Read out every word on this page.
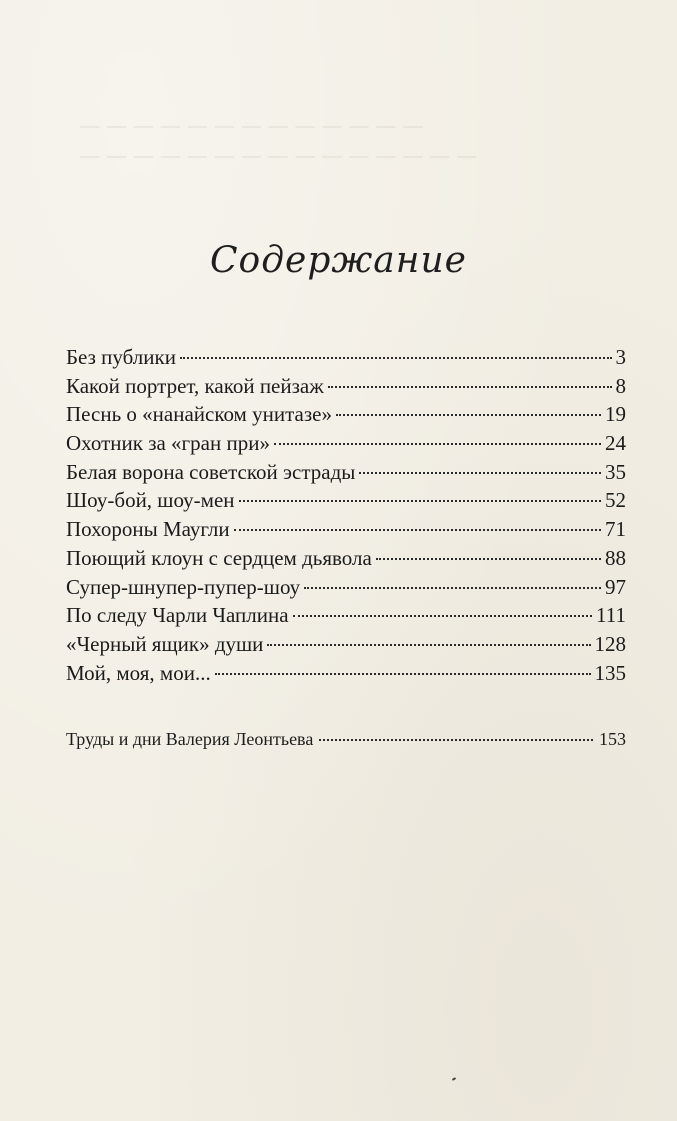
— — — — — — — — — — — — —
— — — — — — — — — — — — — — —
Содержание
Без публики	3
Какой портрет, какой пейзаж	8
Песнь о «нанайском унитазе»	19
Охотник за «гран при»	24
Белая ворона советской эстрады	35
Шоу-бой, шоу-мен	52
Похороны Маугли	71
Поющий клоун с сердцем дьявола	88
Супер-шнупер-пупер-шоу	97
По следу Чарли Чаплина	111
«Черный ящик» души	128
Мой, моя, мои...	135
Труды и дни Валерия Леонтьева	153
